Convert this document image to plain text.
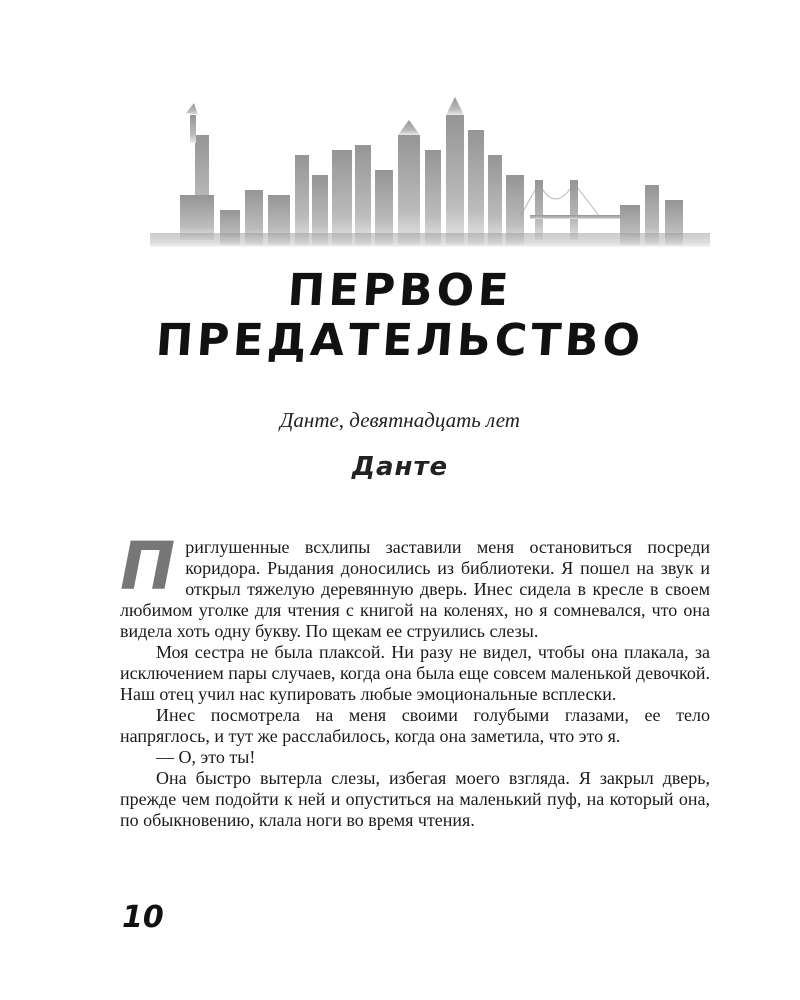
ПЕРВОЕ
ПРЕДАТЕЛЬСТВО
Данте, девятнадцать лет
Данте

Приглушенные всхлипы заставили меня остановиться посреди коридора. Рыдания доносились из библиотеки. Я пошел на звук и открыл тяжелую деревянную дверь. Инес сидела в кресле в своем любимом уголке для чтения с книгой на коленях, но я сомневался, что она видела хоть одну букву. По щекам ее струились слезы.

Моя сестра не была плаксой. Ни разу не видел, чтобы она плакала, за исключением пары случаев, когда она была еще совсем маленькой девочкой. Наш отец учил нас купировать любые эмоциональные всплески.

Инес посмотрела на меня своими голубыми глазами, ее тело напряглось, и тут же расслабилось, когда она заметила, что это я.

— О, это ты!

Она быстро вытерла слезы, избегая моего взгляда. Я закрыл дверь, прежде чем подойти к ней и опуститься на маленький пуф, на который она, по обыкновению, клала ноги во время чтения.

10
